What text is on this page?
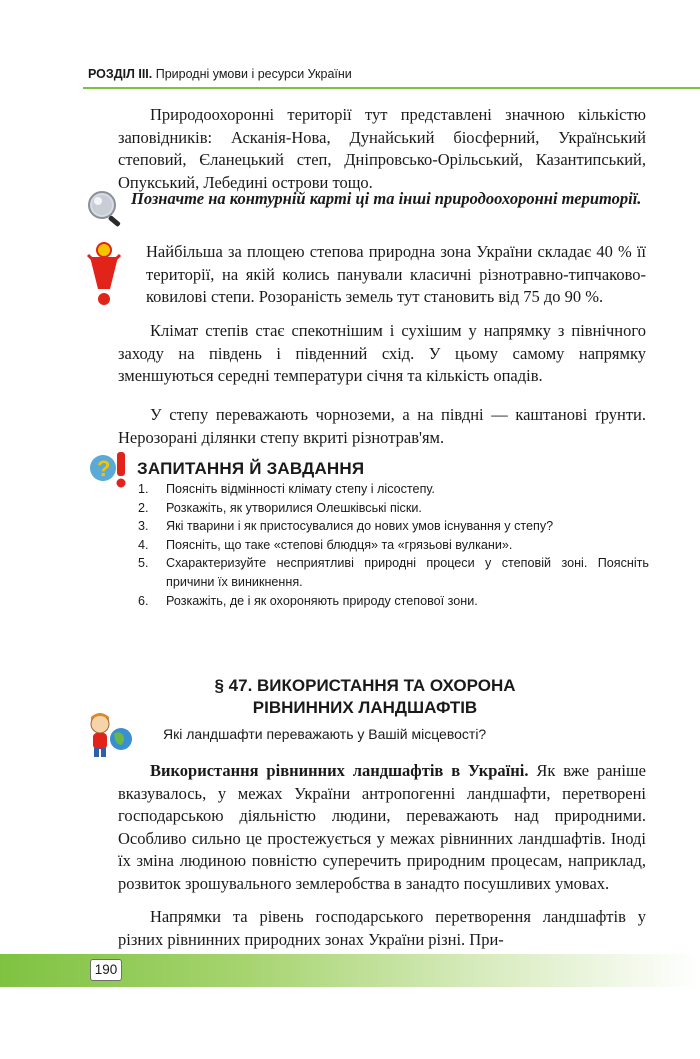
РОЗДІЛ ІІІ. Природні умови і ресурси України
Природоохоронні території тут представлені значною кількістю заповідників: Асканія-Нова, Дунайський біосферний, Український степовий, Єланецький степ, Дніпровсько-Орільський, Казантипський, Опукський, Лебедині острови тощо.
Позначте на контурній карті ці та інші природоохоронні території.
Найбільша за площею степова природна зона України складає 40 % її території, на якій колись панували класичні різнотравно-типчаково-ковилові степи. Розораність земель тут становить від 75 до 90 %.
Клімат степів стає спекотнішим і сухішим у напрямку з північного заходу на південь і південний схід. У цьому самому напрямку зменшуються середні температури січня та кількість опадів.
У степу переважають чорноземи, а на півдні — каштанові ґрунти. Нерозорані ділянки степу вкриті різнотрав'ям.
? ЗАПИТАННЯ Й ЗАВДАННЯ
1.	Поясніть відмінності клімату степу і лісостепу.
2.	Розкажіть, як утворилися Олешківські піски.
3.	Які тварини і як пристосувалися до нових умов існування у степу?
4.	Поясніть, що таке «степові блюдця» та «грязьові вулкани».
5.	Схарактеризуйте несприятливі природні процеси у степовій зоні. Поясніть причини їх виникнення.
6.	Розкажіть, де і як охороняють природу степової зони.
§ 47. ВИКОРИСТАННЯ ТА ОХОРОНА
РІВНИННИХ ЛАНДШАФТІВ
Які ландшафти переважають у Вашій місцевості?
Використання рівнинних ландшафтів в Україні. Як вже раніше вказувалось, у межах України антропогенні ландшафти, перетворені господарською діяльністю людини, переважають над природними. Особливо сильно це простежується у межах рівнинних ландшафтів. Іноді їх зміна людиною повністю суперечить природним процесам, наприклад, розвиток зрошувального землеробства в занадто посушливих умовах.
Напрямки та рівень господарського перетворення ландшафтів у різних рівнинних природних зонах України різні. При-
190
